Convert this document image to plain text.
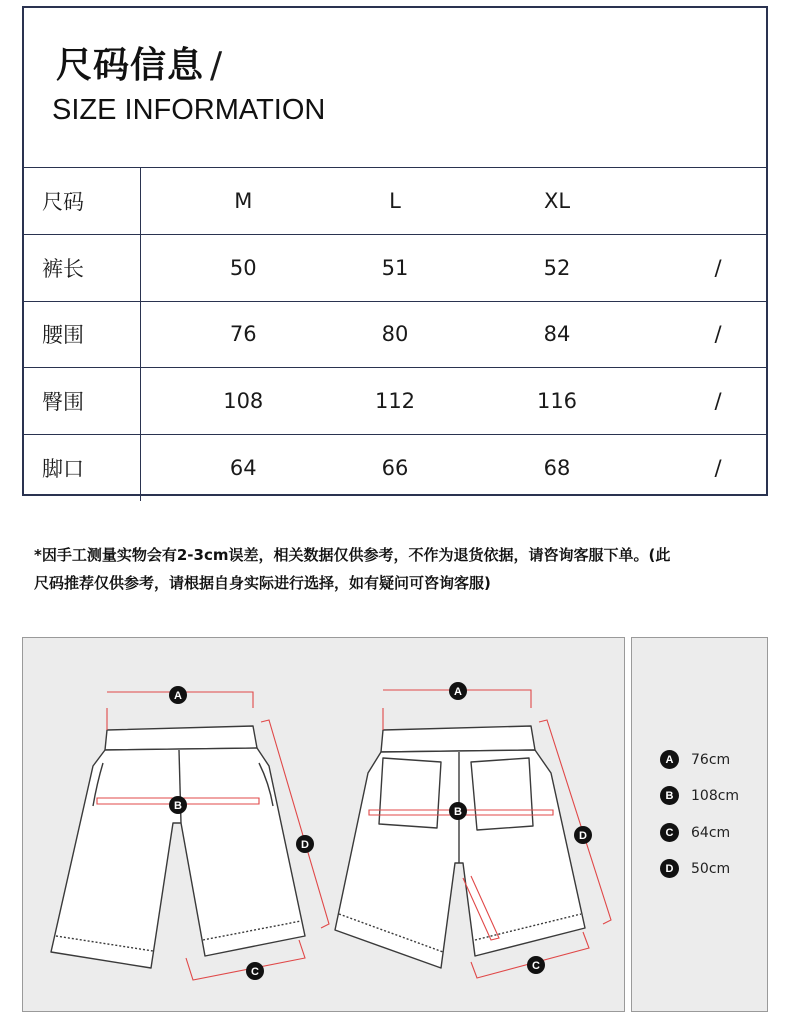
尺码信息 /
SIZE INFORMATION
尺码	M	L	XL	
裤长	50	51	52	/
腰围	76	80	84	/
臀围	108	112	116	/
脚口	64	66	68	/
*因手工测量实物会有2-3cm误差，相关数据仅供参考，不作为退货依据，请咨询客服下单。(此
尺码推荐仅供参考，请根据自身实际进行选择，如有疑问可咨询客服)
A
B
C
D
A
B
C
D
A	76cm
B	108cm
C	64cm
D	50cm
